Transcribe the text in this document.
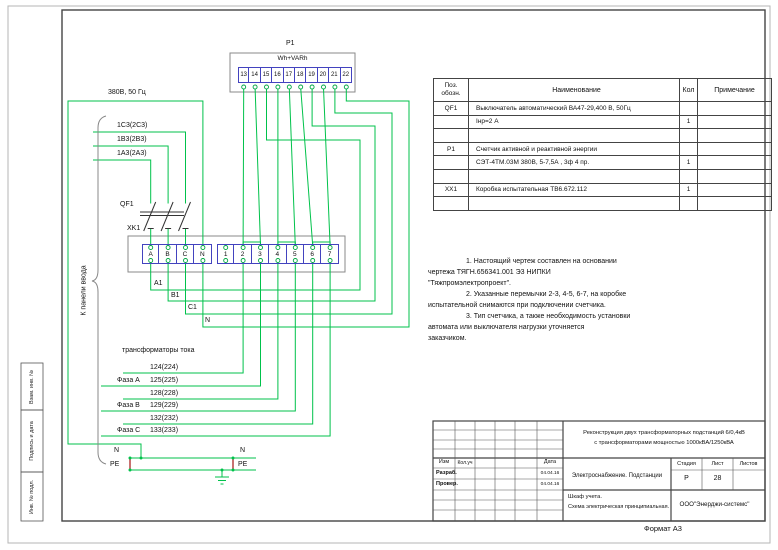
P1
Wh+VARh
13 14 15 16 17 18 19 20 21 22
XK1
A	B	C	N	1	2	3	4	5	6	7
380В, 50 Гц
1С3(2С3)
1В3(2В3)
1А3(2А3)
QF1
A1
B1
C1
N
трансформаторы тока
124(224)
Фаза А 125(225)
128(228)
Фаза В 129(229)
132(232)
Фаза С 133(233)
N
PE
N
PE
К панели ввода
Поз. обозн.	Наименование	Кол	Примечание
QF1	Выключатель автоматический ВА47-29,400 В, 50Гц		
	Iнр=2 А	1	

P1	Счетчик активной и реактивной энергии		
	СЭТ-4ТМ.03М 380В, 5-7,5А , 3ф 4 пр.	1	

XX1	Коробка испытательная ТВ6.672.112	1	

1. Настоящий чертеж составлен на основании
чертежа ТЯГН.656341.001 Э3 НИПКИ
"Тяжпромэлектропроект".
2. Указанные перемычки 2-3, 4-5, 6-7, на коробке
испытательной снимаются при подключении счетчика.
3. Тип счетчика, а также необходимость установки
автомата или выключателя нагрузки уточняется
заказчиком.
Взам. инв. №
Подпись и дата
Инв. № подл.
Изм	Кол.уч	Дата
Разраб.
Провер.
04.04.16
04.04.16
Реконструкция двух трансформаторных подстанций 6/0,4кВ
с трансформаторами мощностью 1000кВА/1250кВА
Электроснабжение. Подстанции
Стадия	Лист	Листов
Р	28
Шкаф учета.
Схема электрическая принципиальная.	ООО"Энерджи-системс"
Формат А3
